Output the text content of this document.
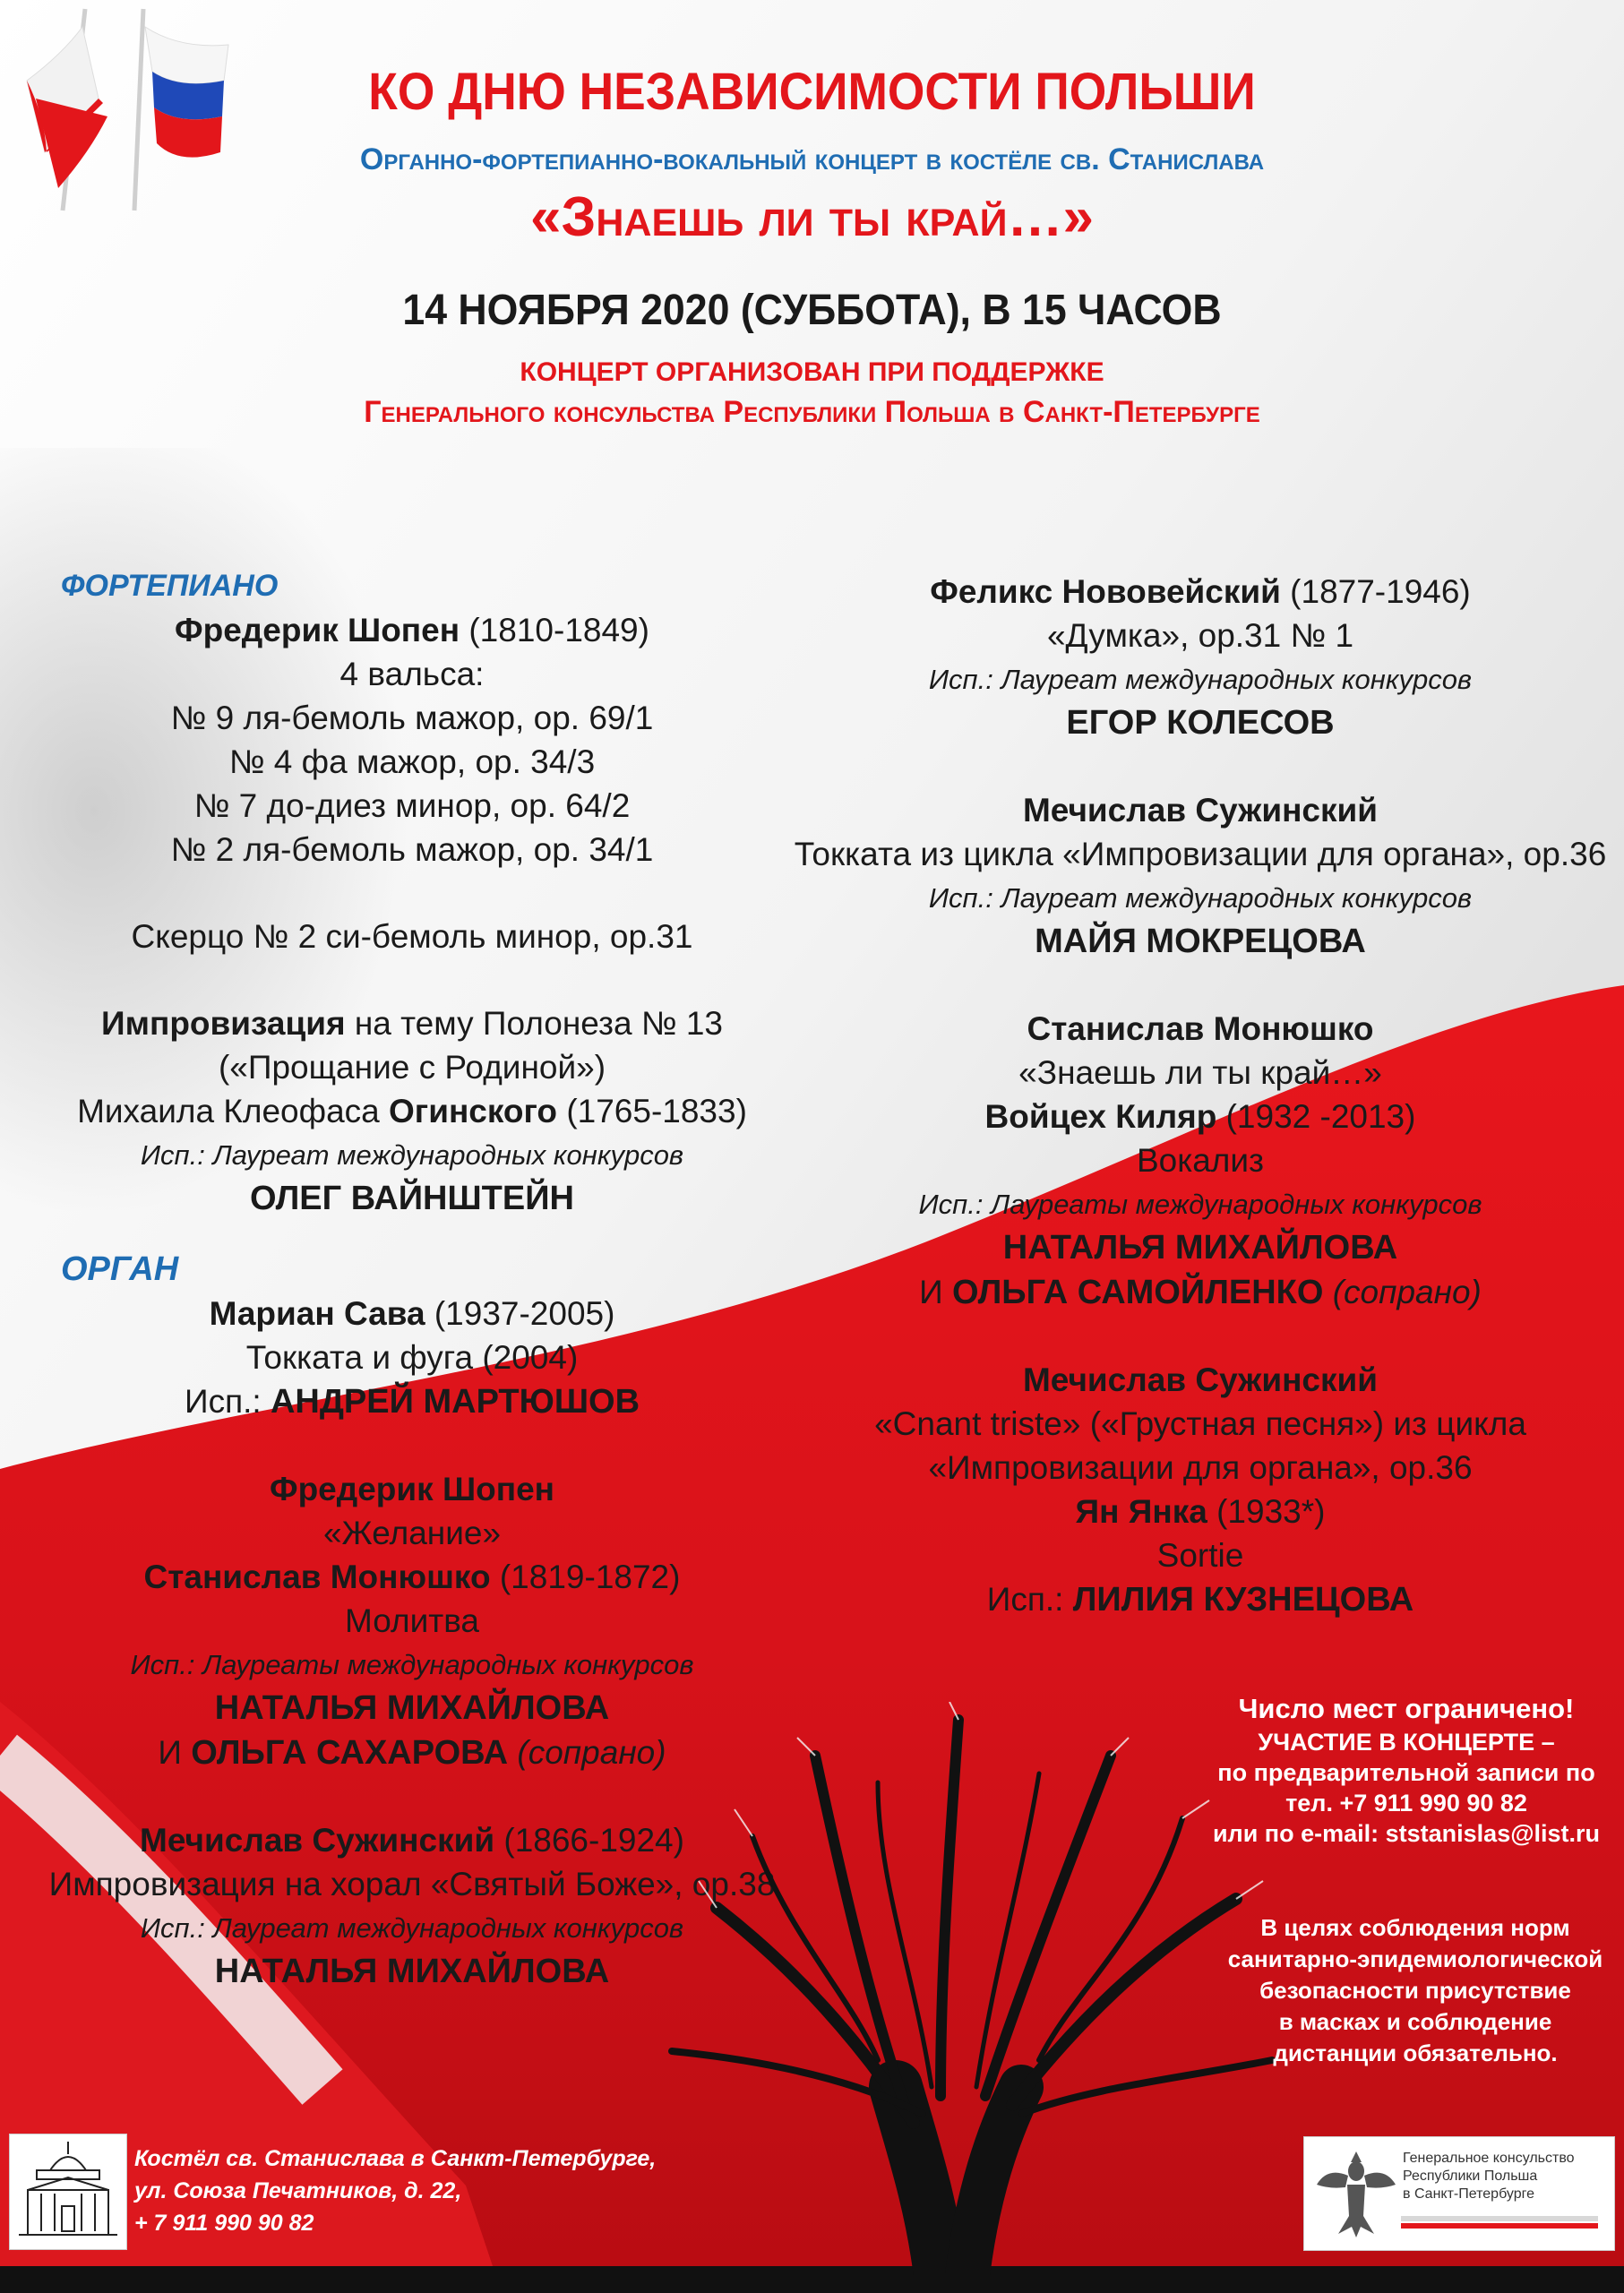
КО ДНЮ НЕЗАВИСИМОСТИ ПОЛЬШИ
Органно-фортепианно-вокальный концерт в костёле св. Станислава
«Знаешь ли ты край…»
14 НОЯБРЯ 2020 (СУББОТА), В 15 ЧАСОВ
КОНЦЕРТ ОРГАНИЗОВАН ПРИ ПОДДЕРЖКЕ
Генерального консульства Республики Польша в Санкт-Петербурге
ФОРТЕПИАНО
Фредерик Шопен (1810-1849)
4 вальса:
№ 9 ля-бемоль мажор, ор. 69/1
№ 4 фа мажор, ор. 34/3
№ 7 до-диез минор, ор. 64/2
№ 2 ля-бемоль мажор, ор. 34/1
Скерцо № 2 си-бемоль минор, ор.31
Импровизация на тему Полонеза № 13
(«Прощание с Родиной»)
Михаила Клеофаса Огинского (1765-1833)
Исп.: Лауреат международных конкурсов
ОЛЕГ ВАЙНШТЕЙН
ОРГАН
Мариан Сава (1937-2005)
Токката и фуга (2004)
Исп.: АНДРЕЙ МАРТЮШОВ
Фредерик Шопен
«Желание»
Станислав Монюшко (1819-1872)
Молитва
Исп.: Лауреаты международных конкурсов
НАТАЛЬЯ МИХАЙЛОВА
И ОЛЬГА САХАРОВА (сопрано)
Мечислав Сужинский (1866-1924)
Импровизация на хорал «Святый Боже», ор.38
Исп.: Лауреат международных конкурсов
НАТАЛЬЯ МИХАЙЛОВА
Феликс Нововейский (1877-1946)
«Думка», ор.31 № 1
Исп.: Лауреат международных конкурсов
ЕГОР КОЛЕСОВ
Мечислав Сужинский
Токката из цикла «Импровизации для органа», ор.36
Исп.: Лауреат международных конкурсов
МАЙЯ МОКРЕЦОВА
Станислав Монюшко
«Знаешь ли ты край…»
Войцех Киляр (1932 -2013)
Вокализ
Исп.: Лауреаты международных конкурсов
НАТАЛЬЯ МИХАЙЛОВА
И ОЛЬГА САМОЙЛЕНКО (сопрано)
Мечислав Сужинский
«Cnant triste» («Грустная песня») из цикла
«Импровизации для органа», ор.36
Ян Янка (1933*)
Sortie
Исп.: ЛИЛИЯ КУЗНЕЦОВА
Число мест ограничено!
УЧАСТИЕ В КОНЦЕРТЕ –
по предварительной записи по
тел. +7 911 990 90 82
или по e-mail: ststanislas@list.ru
В целях соблюдения норм
санитарно-эпидемиологической
безопасности присутствие
в масках и соблюдение
дистанции обязательно.
Костёл св. Станислава в Санкт-Петербурге,
ул. Союза Печатников, д. 22,
+ 7 911 990 90 82
Генеральное консульство
Республики Польша
в Санкт-Петербурге
